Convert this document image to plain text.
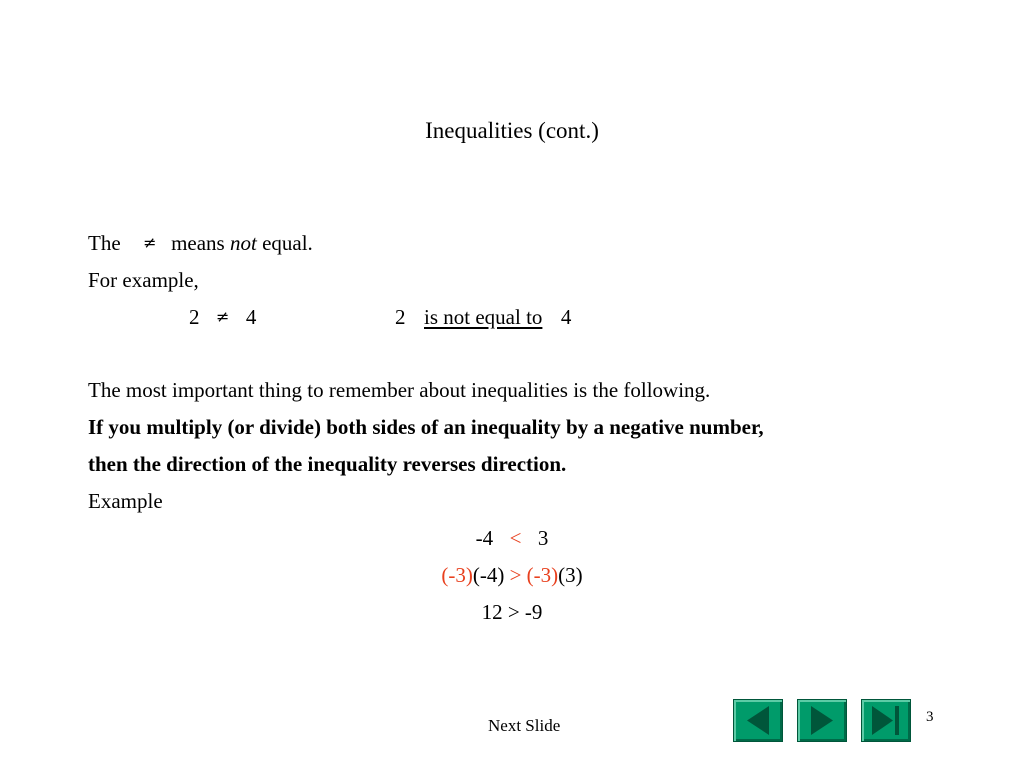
Inequalities (cont.)
The ≠ means not equal.
For example,
2 ≠ 4	2 is not equal to 4
The most important thing to remember about inequalities is the following.
If you multiply (or divide) both sides of an inequality by a negative number,
then the direction of the inequality reverses direction.
Example
-4 < 3
(-3)(-4) > (-3)(3)
12 > -9
Next Slide	3
